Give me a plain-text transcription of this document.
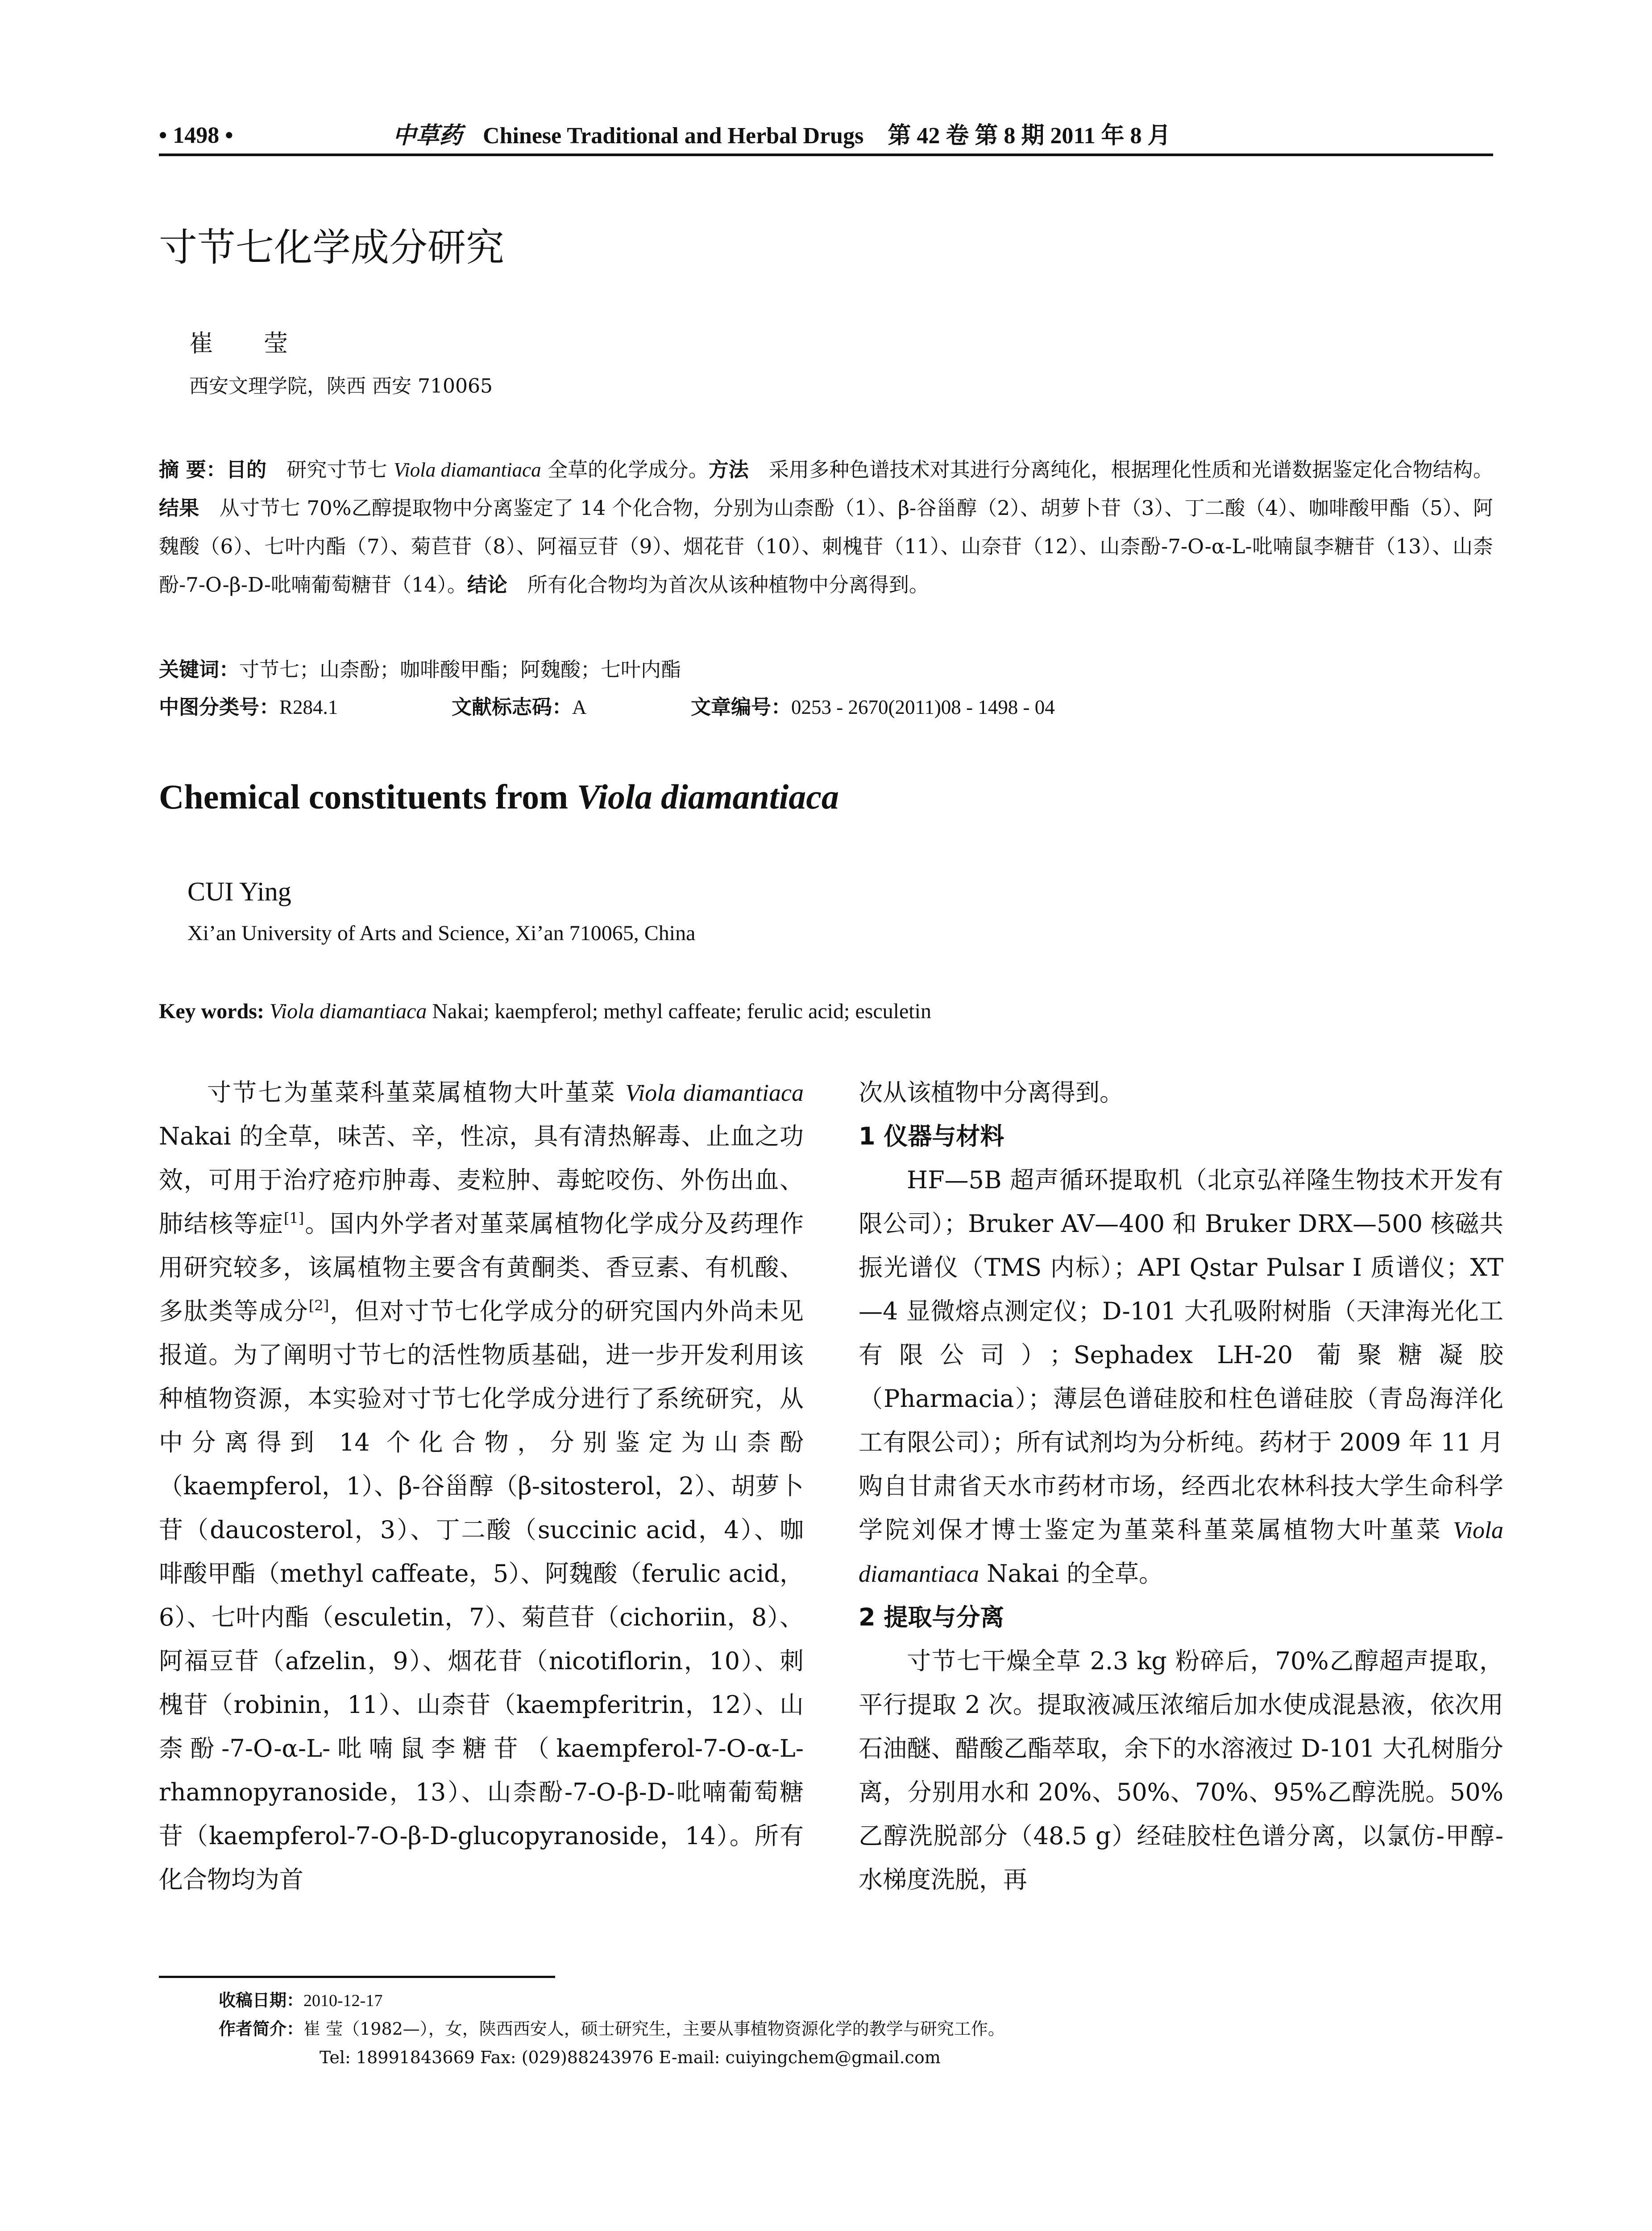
• 1498 •	中草药 Chinese Traditional and Herbal Drugs 第 42 卷 第 8 期 2011 年 8 月
寸节七化学成分研究
崔 莹
西安文理学院，陕西 西安 710065
摘 要：目的  研究寸节七 Viola diamantiaca 全草的化学成分。方法  采用多种色谱技术对其进行分离纯化，根据理化性质和光谱数据鉴定化合物结构。结果  从寸节七 70%乙醇提取物中分离鉴定了 14 个化合物，分别为山柰酚（1）、β-谷甾醇（2）、胡萝卜苷（3）、丁二酸（4）、咖啡酸甲酯（5）、阿魏酸（6）、七叶内酯（7）、菊苣苷（8）、阿福豆苷（9）、烟花苷（10）、刺槐苷（11）、山奈苷（12）、山柰酚-7-O-α-L-吡喃鼠李糖苷（13）、山柰酚-7-O-β-D-吡喃葡萄糖苷（14）。结论  所有化合物均为首次从该种植物中分离得到。
关键词：寸节七；山柰酚；咖啡酸甲酯；阿魏酸；七叶内酯
中图分类号：R284.1	文献标志码：A	文章编号：0253 - 2670(2011)08 - 1498 - 04
Chemical constituents from Viola diamantiaca
CUI Ying
Xi’an University of Arts and Science, Xi’an 710065, China
Key words: Viola diamantiaca Nakai; kaempferol; methyl caffeate; ferulic acid; esculetin

寸节七为堇菜科堇菜属植物大叶堇菜 Viola diamantiaca Nakai 的全草，味苦、辛，性凉，具有清热解毒、止血之功效，可用于治疗疮疖肿毒、麦粒肿、毒蛇咬伤、外伤出血、肺结核等症[1]。国内外学者对堇菜属植物化学成分及药理作用研究较多，该属植物主要含有黄酮类、香豆素、有机酸、多肽类等成分[2]，但对寸节七化学成分的研究国内外尚未见报道。为了阐明寸节七的活性物质基础，进一步开发利用该种植物资源，本实验对寸节七化学成分进行了系统研究，从中分离得到 14 个化合物，分别鉴定为山柰酚（kaempferol，1）、β-谷甾醇（β-sitosterol，2）、胡萝卜苷（daucosterol，3）、丁二酸（succinic acid，4）、咖啡酸甲酯（methyl caffeate，5）、阿魏酸（ferulic acid，6）、七叶内酯（esculetin，7）、菊苣苷（cichoriin，8）、阿福豆苷（afzelin，9）、烟花苷（nicotiflorin，10）、刺槐苷（robinin，11）、山柰苷（kaempferitrin，12）、山柰酚-7-O-α-L-吡喃鼠李糖苷（kaempferol-7-O-α-L-rhamnopyranoside，13）、山柰酚-7-O-β-D-吡喃葡萄糖苷（kaempferol-7-O-β-D-glucopyranoside，14）。所有化合物均为首

次从该植物中分离得到。

1 仪器与材料

HF—5B 超声循环提取机（北京弘祥隆生物技术开发有限公司）；Bruker AV—400 和 Bruker DRX—500 核磁共振光谱仪（TMS 内标）；API Qstar Pulsar I 质谱仪；XT—4 显微熔点测定仪；D-101 大孔吸附树脂（天津海光化工有限公司）；Sephadex LH-20 葡聚糖凝胶（Pharmacia）；薄层色谱硅胶和柱色谱硅胶（青岛海洋化工有限公司）；所有试剂均为分析纯。药材于 2009 年 11 月购自甘肃省天水市药材市场，经西北农林科技大学生命科学学院刘保才博士鉴定为堇菜科堇菜属植物大叶堇菜 Viola diamantiaca Nakai 的全草。

2 提取与分离

寸节七干燥全草 2.3 kg 粉碎后，70%乙醇超声提取，平行提取 2 次。提取液减压浓缩后加水使成混悬液，依次用石油醚、醋酸乙酯萃取，余下的水溶液过 D-101 大孔树脂分离，分别用水和 20%、50%、70%、95%乙醇洗脱。50%乙醇洗脱部分（48.5 g）经硅胶柱色谱分离，以氯仿-甲醇-水梯度洗脱，再

收稿日期：2010-12-17
作者简介：崔 莹（1982—），女，陕西西安人，硕士研究生，主要从事植物资源化学的教学与研究工作。
Tel: 18991843669 Fax: (029)88243976 E-mail: cuiyingchem@gmail.com
